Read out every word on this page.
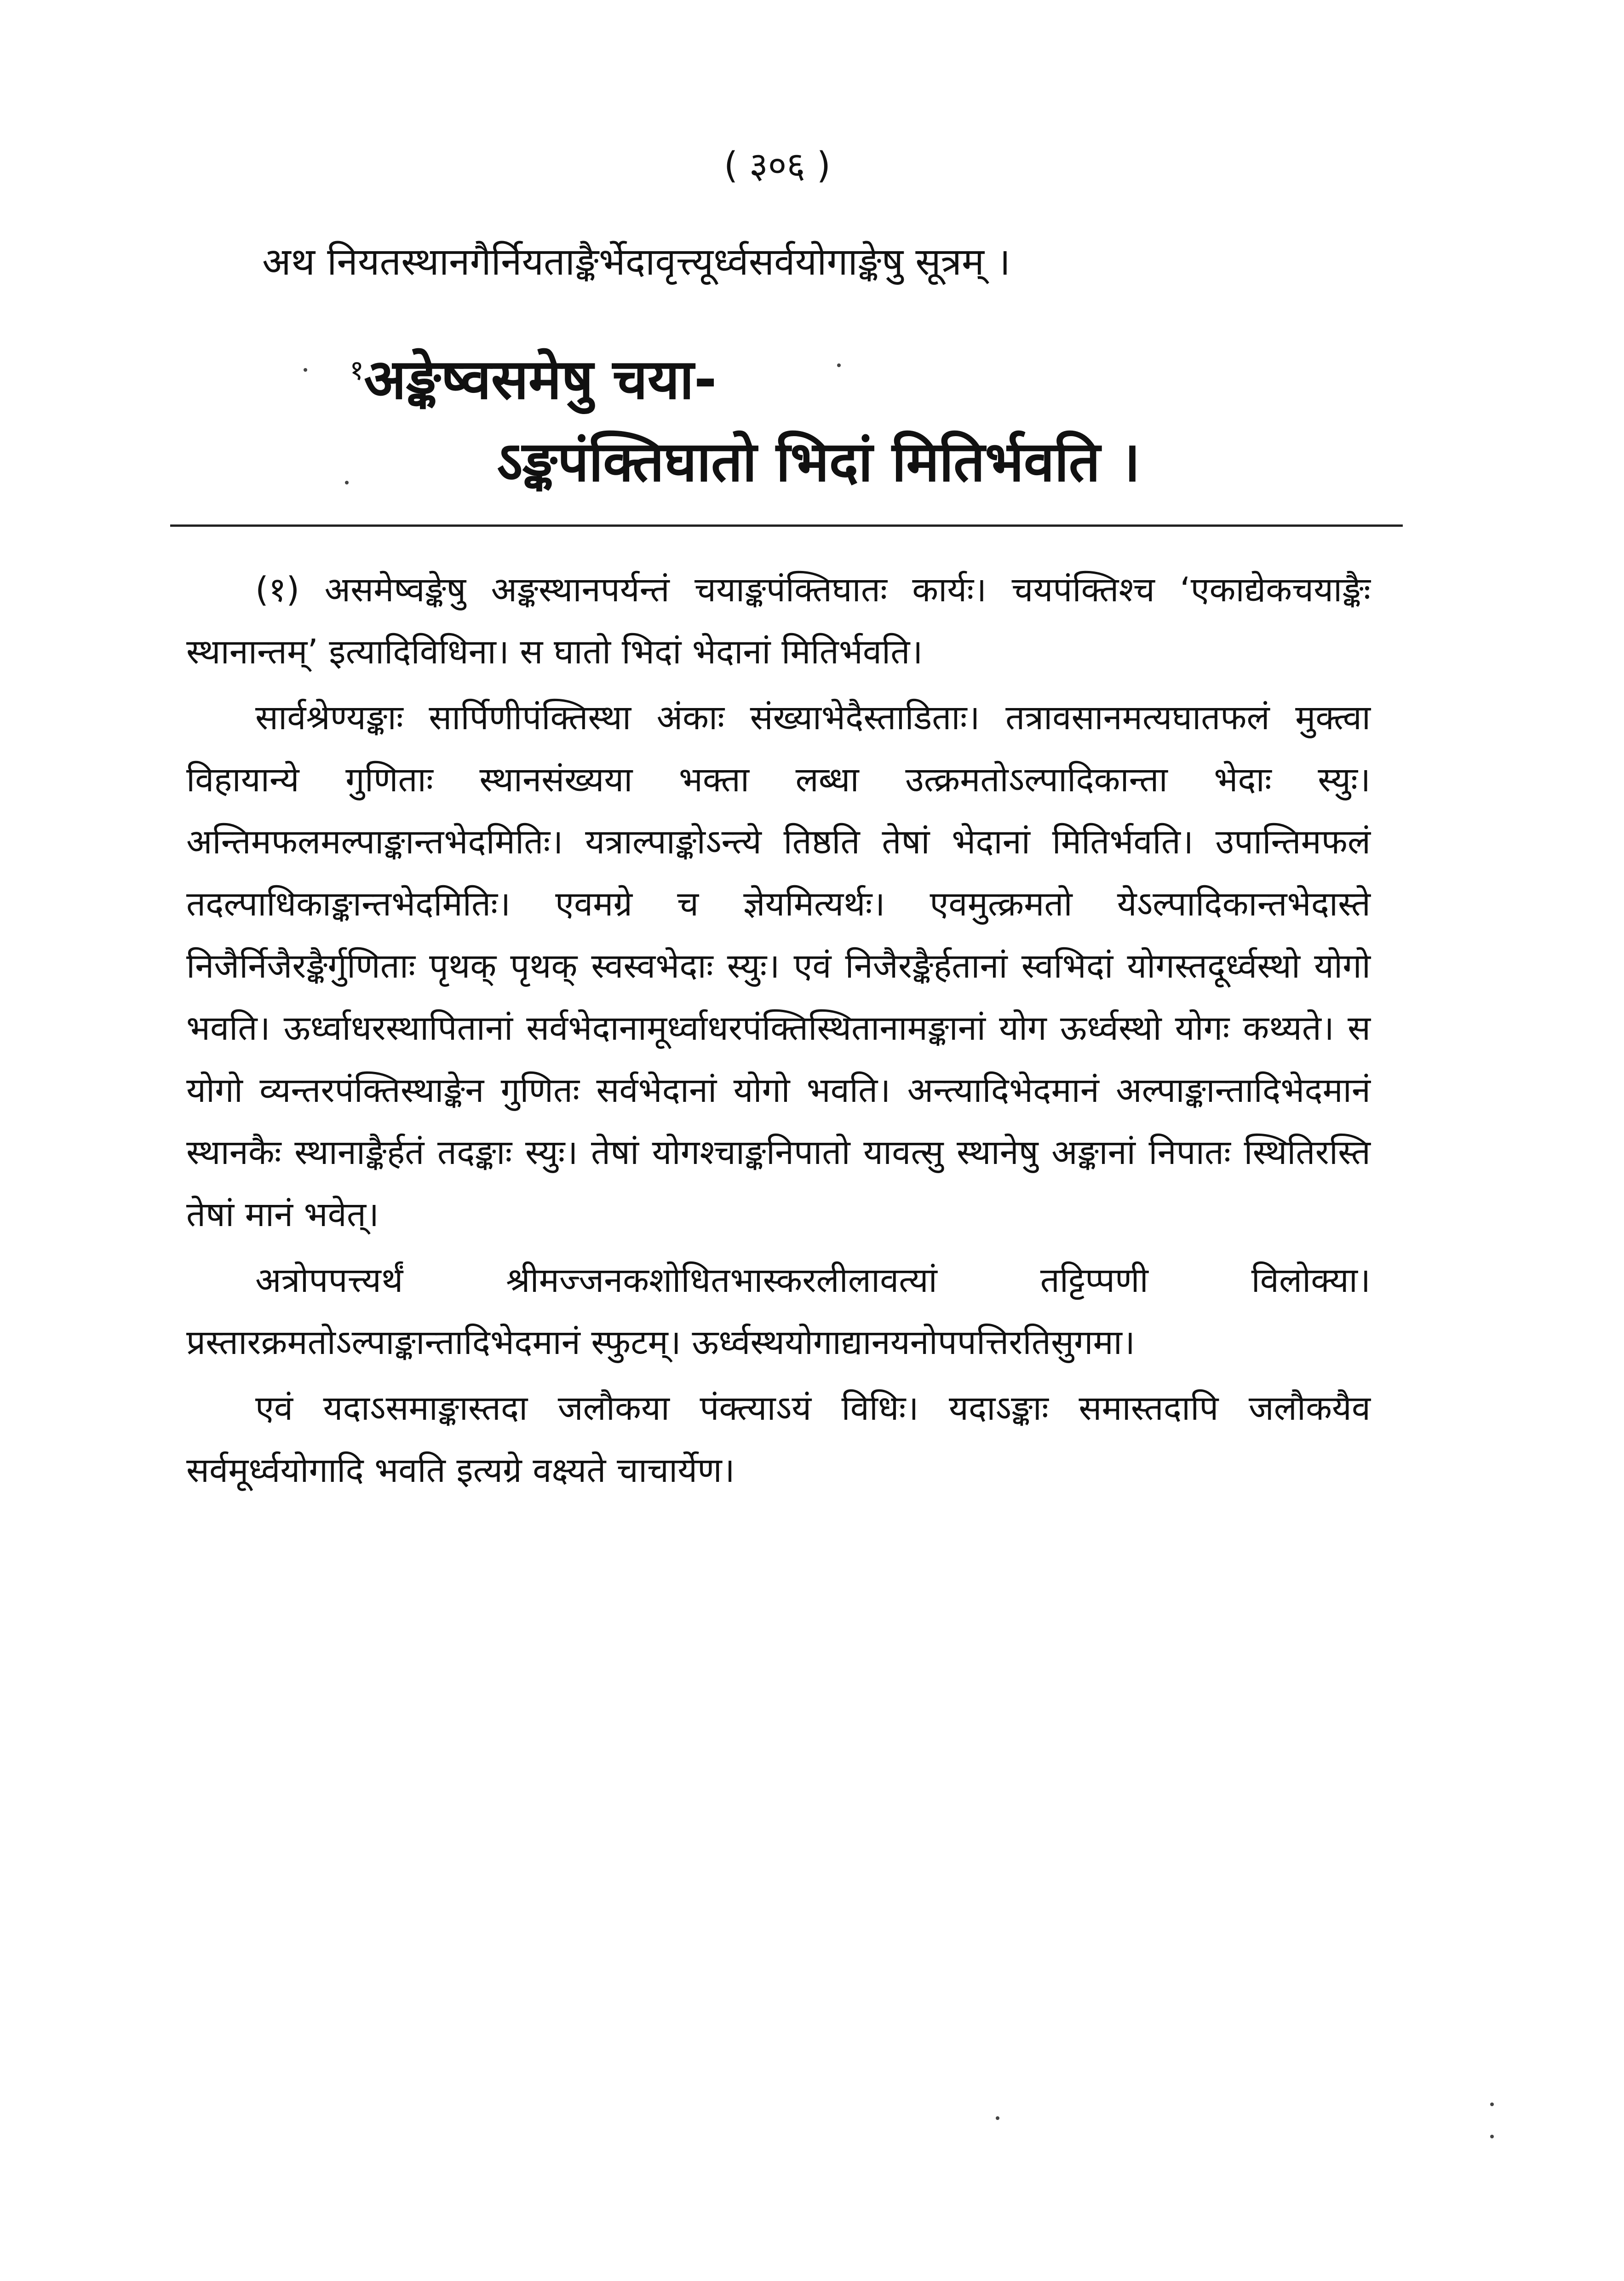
( ३०६ )
अथ नियतस्थानगैर्नियताङ्कैर्भेदावृत्त्यूर्ध्वसर्वयोगाङ्केषु सूत्रम् ।
$^१$अङ्केष्वसमेषु चया-
ऽङ्कपंक्तिघातो भिदां मितिर्भवति ।

(१) असमेष्वङ्केषु अङ्कस्थानपर्यन्तं चयाङ्कपंक्तिघातः कार्यः। चयपंक्तिश्च ‘एकाद्येकचयाङ्कैः स्थानान्तम्’ इत्यादिविधिना। स घातो भिदां भेदानां मितिर्भवति।

सार्वश्रेण्यङ्काः सार्पिणीपंक्तिस्था अंकाः संख्याभेदैस्ताडिताः। तत्रावसानमत्यघातफलं मुक्त्वा विहायान्ये गुणिताः स्थानसंख्यया भक्ता लब्धा उत्क्रमतोऽल्पादिकान्ता भेदाः स्युः। अन्तिमफलमल्पाङ्कान्तभेदमितिः। यत्राल्पाङ्कोऽन्त्ये तिष्ठति तेषां भेदानां मितिर्भवति। उपान्तिमफलं तदल्पाधिकाङ्कान्तभेदमितिः। एवमग्रे च ज्ञेयमित्यर्थः। एवमुत्क्रमतो येऽल्पादिकान्तभेदास्ते निजैर्निजैरङ्कैर्गुणिताः पृथक् पृथक् स्वस्वभेदाः स्युः। एवं निजैरङ्कैर्हतानां स्वभिदां योगस्तदूर्ध्वस्थो योगो भवति। ऊर्ध्वाधरस्थापितानां सर्वभेदानामूर्ध्वाधरपंक्तिस्थितानामङ्कानां योग ऊर्ध्वस्थो योगः कथ्यते। स योगो व्यन्तरपंक्तिस्थाङ्केन गुणितः सर्वभेदानां योगो भवति। अन्त्यादिभेदमानं अल्पाङ्कान्तादिभेदमानं स्थानकैः स्थानाङ्कैर्हतं तदङ्काः स्युः। तेषां योगश्चाङ्कनिपातो यावत्सु स्थानेषु अङ्कानां निपातः स्थितिरस्ति तेषां मानं भवेत्।

अत्रोपपत्त्यर्थं श्रीमज्जनकशोधितभास्करलीलावत्यां तट्टिप्पणी विलोक्या। प्रस्तारक्रमतोऽल्पाङ्कान्तादिभेदमानं स्फुटम्। ऊर्ध्वस्थयोगाद्यानयनोपपत्तिरतिसुगमा।

एवं यदाऽसमाङ्कास्तदा जलौकया पंक्त्याऽयं विधिः। यदाऽङ्काः समास्तदापि जलौकयैव सर्वमूर्ध्वयोगादि भवति इत्यग्रे वक्ष्यते चाचार्येण।
